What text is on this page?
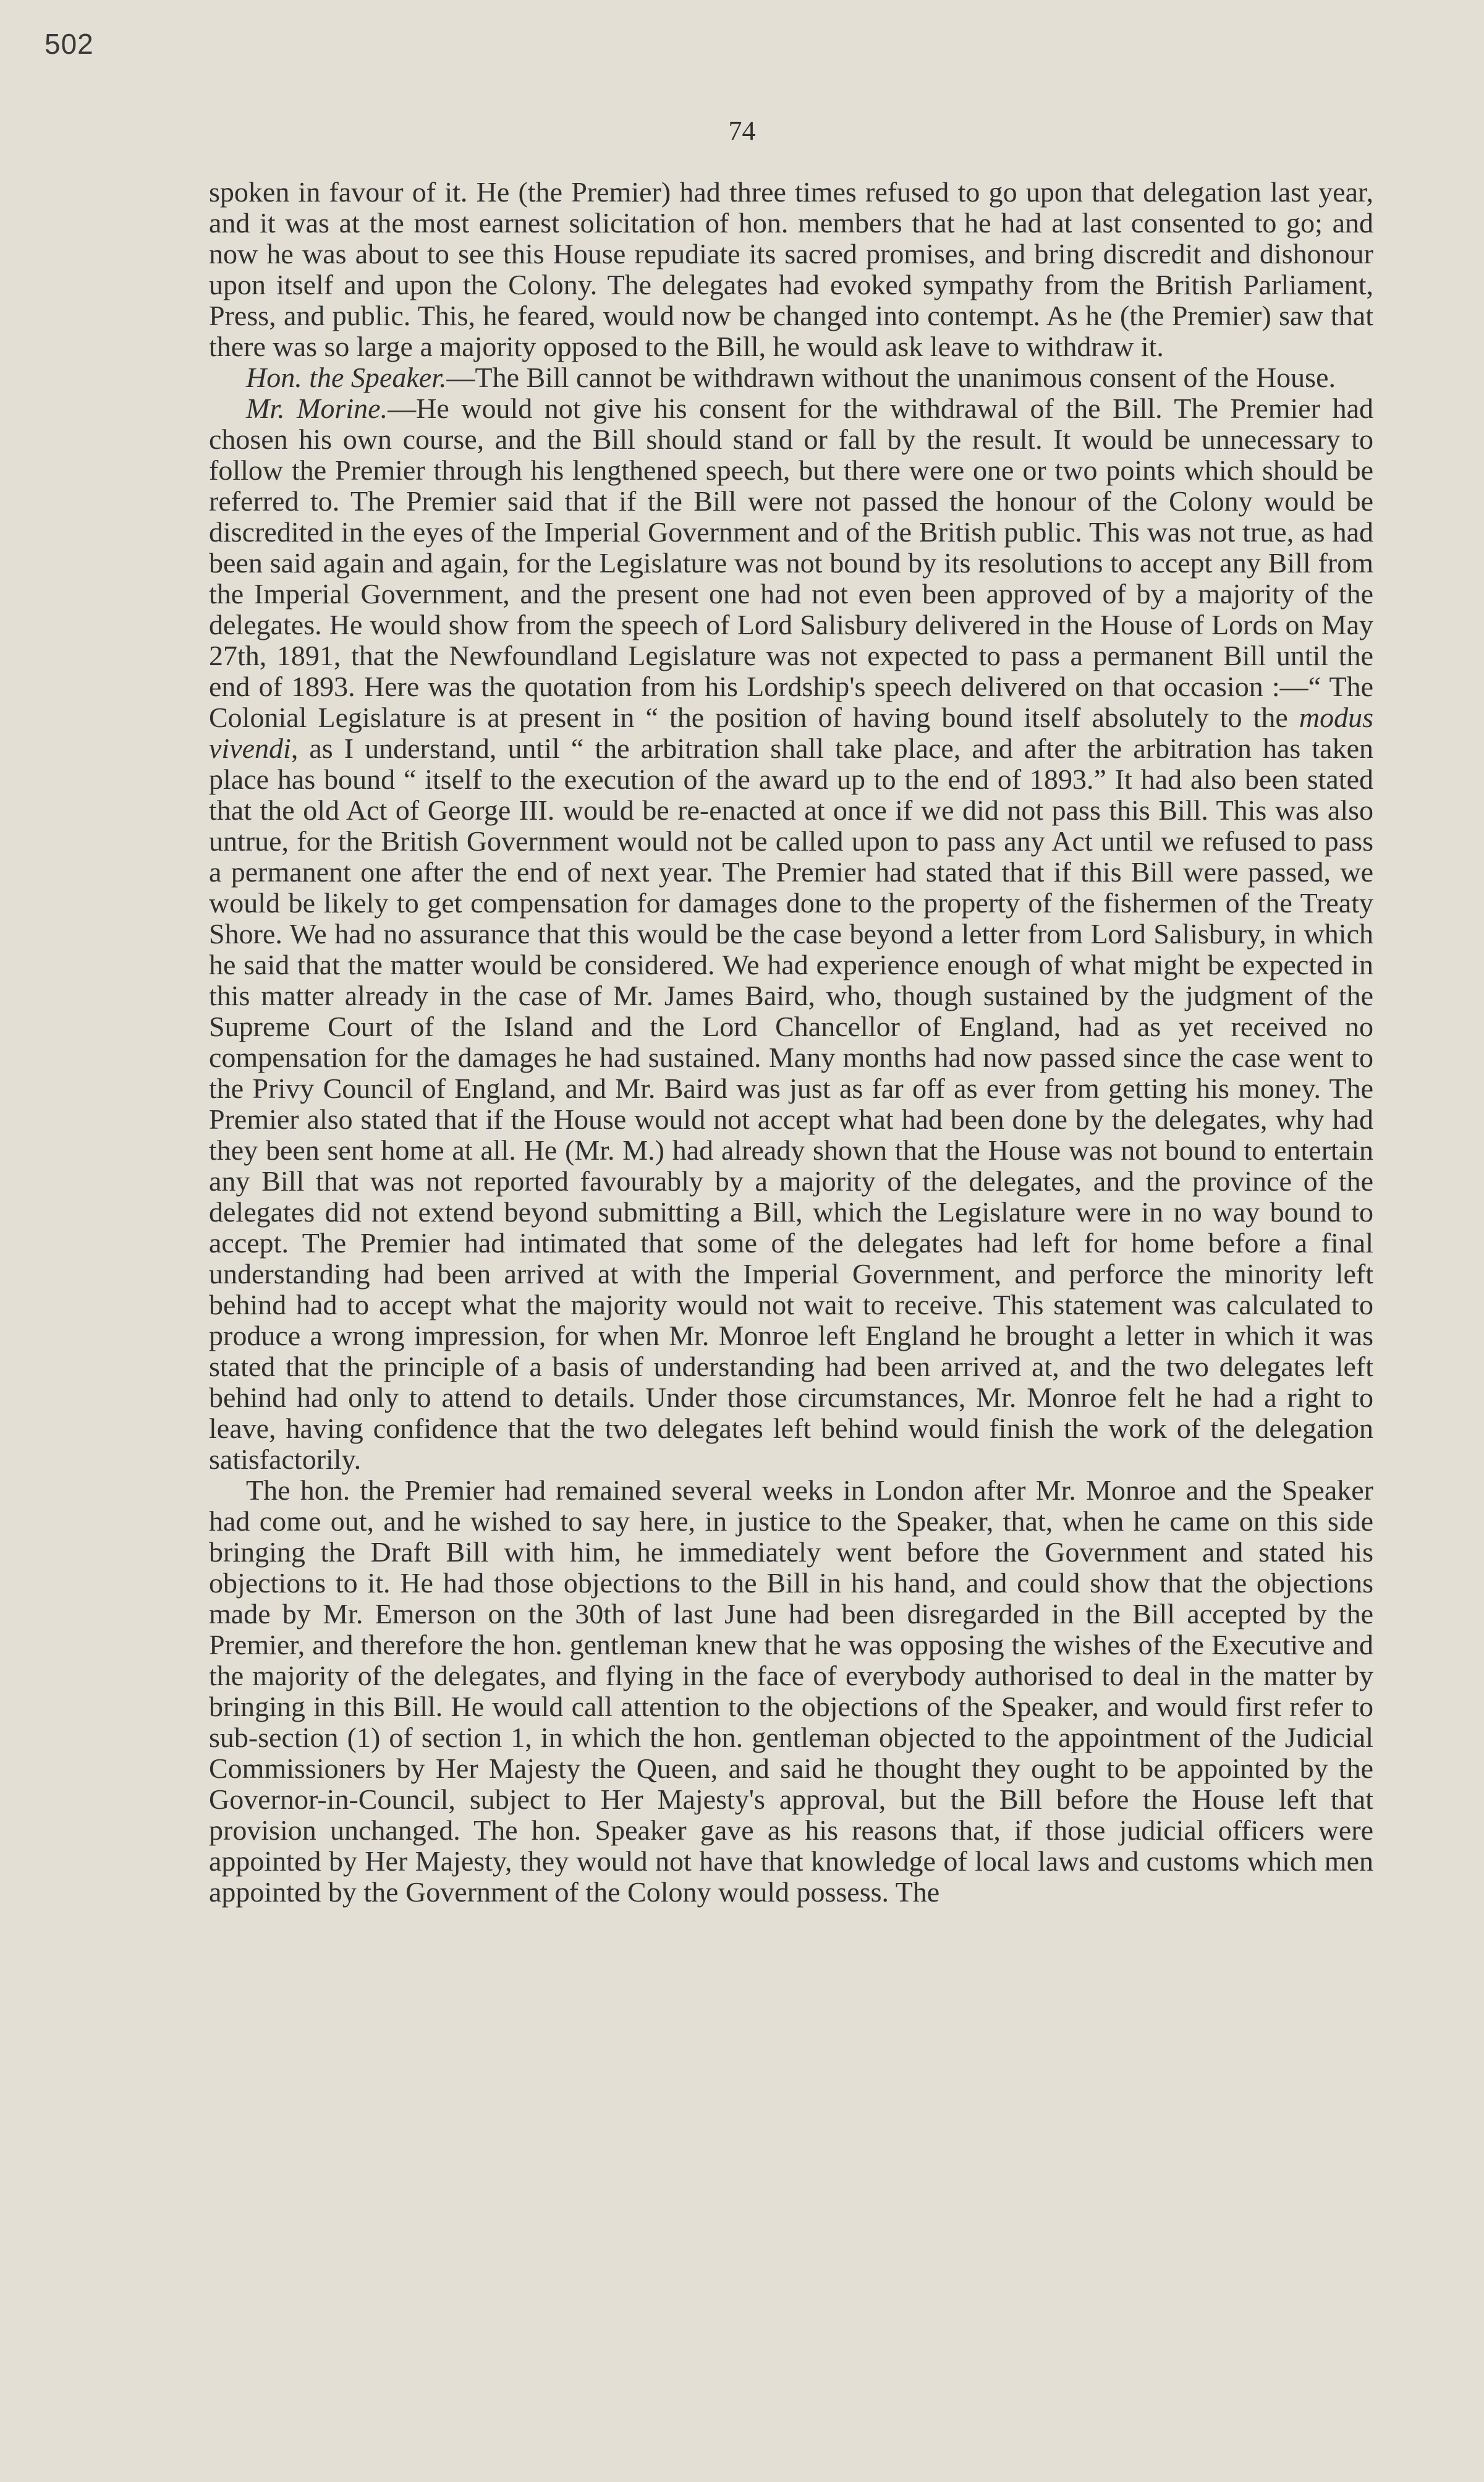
502
74

spoken in favour of it. He (the Premier) had three times refused to go upon that delegation last year, and it was at the most earnest solicitation of hon. members that he had at last consented to go; and now he was about to see this House repudiate its sacred promises, and bring discredit and dishonour upon itself and upon the Colony. The delegates had evoked sympathy from the British Parliament, Press, and public. This, he feared, would now be changed into contempt. As he (the Premier) saw that there was so large a majority opposed to the Bill, he would ask leave to withdraw it.

Hon. the Speaker.—The Bill cannot be withdrawn without the unanimous consent of the House.

Mr. Morine.—He would not give his consent for the withdrawal of the Bill. The Premier had chosen his own course, and the Bill should stand or fall by the result. It would be unnecessary to follow the Premier through his lengthened speech, but there were one or two points which should be referred to. The Premier said that if the Bill were not passed the honour of the Colony would be discredited in the eyes of the Imperial Government and of the British public. This was not true, as had been said again and again, for the Legislature was not bound by its resolutions to accept any Bill from the Imperial Government, and the present one had not even been approved of by a majority of the delegates. He would show from the speech of Lord Salisbury delivered in the House of Lords on May 27th, 1891, that the Newfoundland Legislature was not expected to pass a permanent Bill until the end of 1893. Here was the quotation from his Lordship's speech delivered on that occasion :—“ The Colonial Legislature is at present in “ the position of having bound itself absolutely to the modus vivendi, as I understand, until “ the arbitration shall take place, and after the arbitration has taken place has bound “ itself to the execution of the award up to the end of 1893.” It had also been stated that the old Act of George III. would be re-enacted at once if we did not pass this Bill. This was also untrue, for the British Government would not be called upon to pass any Act until we refused to pass a permanent one after the end of next year. The Premier had stated that if this Bill were passed, we would be likely to get compensation for damages done to the property of the fishermen of the Treaty Shore. We had no assurance that this would be the case beyond a letter from Lord Salisbury, in which he said that the matter would be considered. We had experience enough of what might be expected in this matter already in the case of Mr. James Baird, who, though sustained by the judgment of the Supreme Court of the Island and the Lord Chancellor of England, had as yet received no compensation for the damages he had sustained. Many months had now passed since the case went to the Privy Council of England, and Mr. Baird was just as far off as ever from getting his money. The Premier also stated that if the House would not accept what had been done by the delegates, why had they been sent home at all. He (Mr. M.) had already shown that the House was not bound to entertain any Bill that was not reported favourably by a majority of the delegates, and the province of the delegates did not extend beyond submitting a Bill, which the Legislature were in no way bound to accept. The Premier had intimated that some of the delegates had left for home before a final understanding had been arrived at with the Imperial Government, and perforce the minority left behind had to accept what the majority would not wait to receive. This statement was calculated to produce a wrong impression, for when Mr. Monroe left England he brought a letter in which it was stated that the principle of a basis of understanding had been arrived at, and the two delegates left behind had only to attend to details. Under those circumstances, Mr. Monroe felt he had a right to leave, having confidence that the two delegates left behind would finish the work of the delegation satisfactorily.

The hon. the Premier had remained several weeks in London after Mr. Monroe and the Speaker had come out, and he wished to say here, in justice to the Speaker, that, when he came on this side bringing the Draft Bill with him, he immediately went before the Government and stated his objections to it. He had those objections to the Bill in his hand, and could show that the objections made by Mr. Emerson on the 30th of last June had been disregarded in the Bill accepted by the Premier, and therefore the hon. gentleman knew that he was opposing the wishes of the Executive and the majority of the delegates, and flying in the face of everybody authorised to deal in the matter by bringing in this Bill. He would call attention to the objections of the Speaker, and would first refer to sub-section (1) of section 1, in which the hon. gentleman objected to the appointment of the Judicial Commissioners by Her Majesty the Queen, and said he thought they ought to be appointed by the Governor-in-Council, subject to Her Majesty's approval, but the Bill before the House left that provision unchanged. The hon. Speaker gave as his reasons that, if those judicial officers were appointed by Her Majesty, they would not have that knowledge of local laws and customs which men appointed by the Government of the Colony would possess. The
